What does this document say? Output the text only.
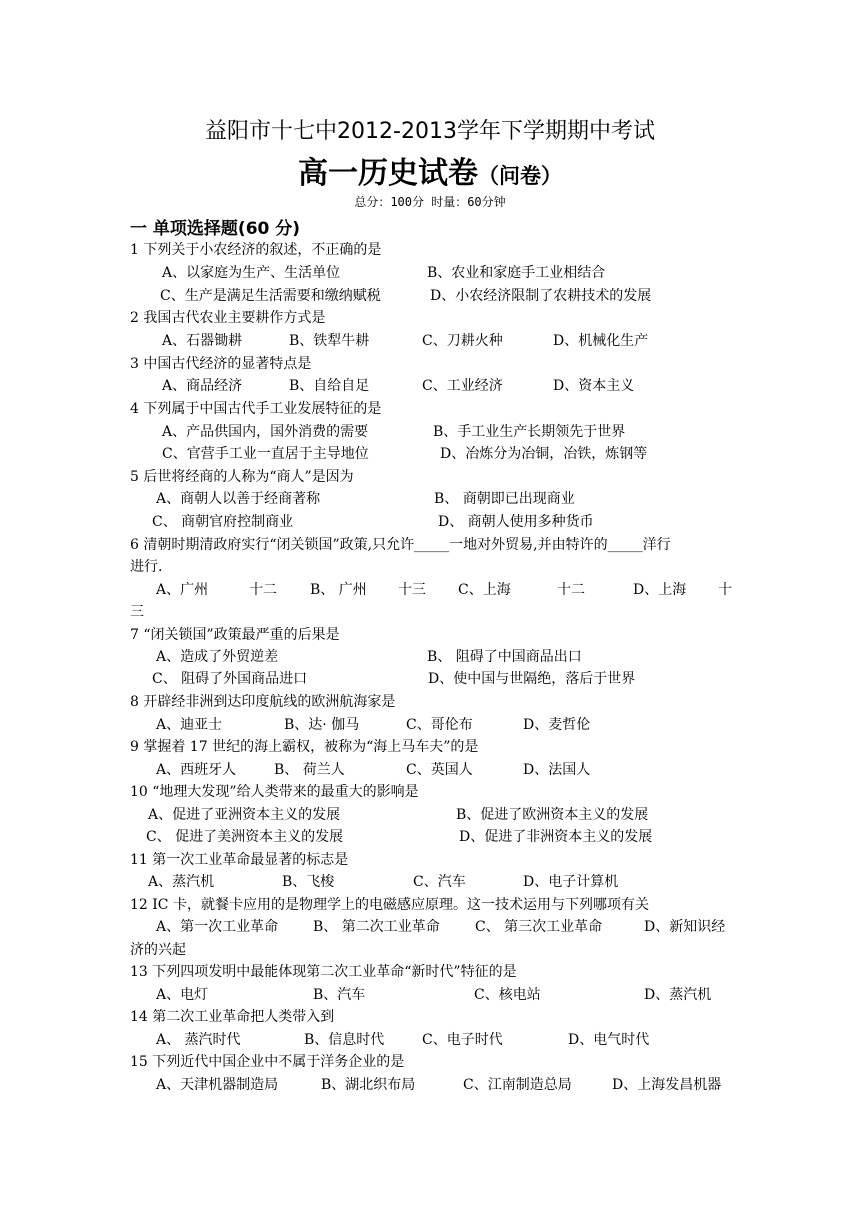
益阳市十七中2012-2013学年下学期期中考试
高一历史试卷（问卷）
总分：100分 时量：60分钟
一 单项选择题(60 分)
1 下列关于小农经济的叙述，不正确的是
A、以家庭为生产、生活单位	B、农业和家庭手工业相结合
C、生产是满足生活需要和缴纳赋税	D、小农经济限制了农耕技术的发展
2 我国古代农业主要耕作方式是
A、石器锄耕	B、铁犁牛耕	C、刀耕火种	D、机械化生产
3 中国古代经济的显著特点是
A、商品经济	B、自给自足	C、工业经济	D、资本主义
4 下列属于中国古代手工业发展特征的是
A、产品供国内，国外消费的需要	B、手工业生产长期领先于世界
C、官营手工业一直居于主导地位	D、冶炼分为冶铜，冶铁，炼钢等
5 后世将经商的人称为“商人”是因为
A、商朝人以善于经商著称	B、 商朝即已出现商业
C、 商朝官府控制商业	D、 商朝人使用多种货币
6 清朝时期清政府实行“闭关锁国”政策,只允许_____一地对外贸易,并由特许的_____洋行
进行.
A、广州	十二 B、 广州 十三 C、上海	十二	D、上海 十
三
7 “闭关锁国”政策最严重的后果是
A、造成了外贸逆差	B、 阻碍了中国商品出口
C、 阻碍了外国商品进口	D、使中国与世隔绝，落后于世界
8 开辟经非洲到达印度航线的欧洲航海家是
A、迪亚士	B、达· 伽马	C、哥伦布	D、麦哲伦
9 掌握着 17 世纪的海上霸权，被称为“海上马车夫”的是
A、西班牙人	B、 荷兰人	C、英国人	D、法国人
10 “地理大发现”给人类带来的最重大的影响是
A、促进了亚洲资本主义的发展	B、促进了欧洲资本主义的发展
C、 促进了美洲资本主义的发展	D、促进了非洲资本主义的发展
11 第一次工业革命最显著的标志是
A、蒸汽机	B、飞梭	C、汽车	D、电子计算机
12 IC 卡，就餐卡应用的是物理学上的电磁感应原理。这一技术运用与下列哪项有关
A、第一次工业革命 B、 第二次工业革命	C、 第三次工业革命	D、新知识经
济的兴起
13 下列四项发明中最能体现第二次工业革命“新时代”特征的是
A、电灯	B、汽车	C、核电站	D、蒸汽机
14 第二次工业革命把人类带入到
A、 蒸汽时代	B、信息时代	C、电子时代	D、电气时代
15 下列近代中国企业中不属于洋务企业的是
A、天津机器制造局	B、湖北织布局	C、江南制造总局	D、上海发昌机器
